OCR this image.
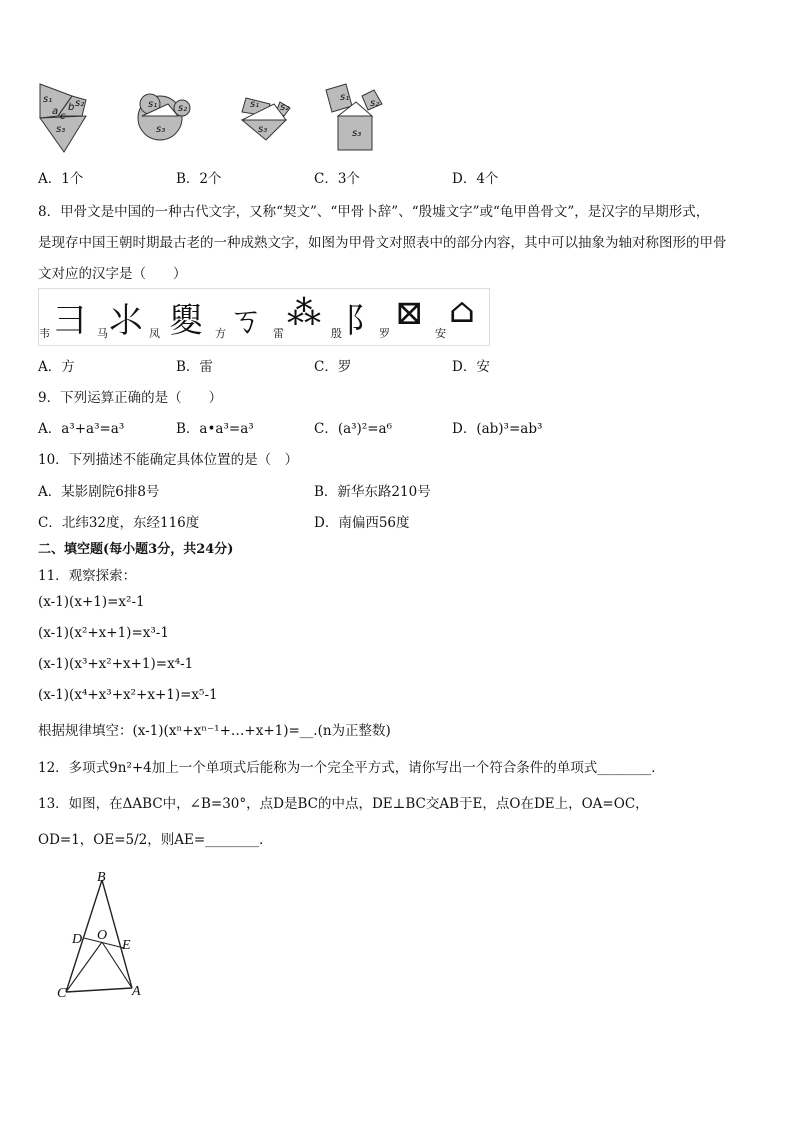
s₁ s₂
s₃
a b
c
s₁ s₂
s₃
s₁ s₂
s₃
s₁
s₂
s₃
A．1个	B．2个	C．3个	D．4个
8．甲骨文是中国的一种古代文字，又称“契文”、“甲骨卜辞”、“殷墟文字”或“龟甲兽骨文”，是汉字的早期形式，
是现存中国王朝时期最古老的一种成熟文字，如图为甲骨文对照表中的部分内容，其中可以抽象为轴对称图形的甲骨
文对应的汉字是（　　）
彐 ⺢ 夓 ㄎ ⁂ 阝 ⊠ ⌂
韦	马	凤	方	雷	殷	罗	安
A．方	B．雷	C．罗	D．安
9．下列运算正确的是（　　）
A．a³+a³=a³	B．a•a³=a³	C．(a³)²=a⁶	D．(ab)³=ab³
10．下列描述不能确定具体位置的是（　）
A．某影剧院6排8号	B．新华东路210号
C．北纬32度，东经116度	D．南偏西56度
二、填空题(每小题3分，共24分)
11．观察探索：
(x-1)(x+1)=x²-1
(x-1)(x²+x+1)=x³-1
(x-1)(x³+x²+x+1)=x⁴-1
(x-1)(x⁴+x³+x²+x+1)=x⁵-1
根据规律填空：(x-1)(xⁿ+xⁿ⁻¹+…+x+1)=__.(n为正整数)
12．多项式9n²+4加上一个单项式后能称为一个完全平方式，请你写出一个符合条件的单项式________．
13．如图，在ΔABC中，∠B=30°，点D是BC的中点，DE⊥BC交AB于E，点O在DE上，OA=OC，
OD=1，OE=5/2，则AE=________．
B
D O
E
C	A
